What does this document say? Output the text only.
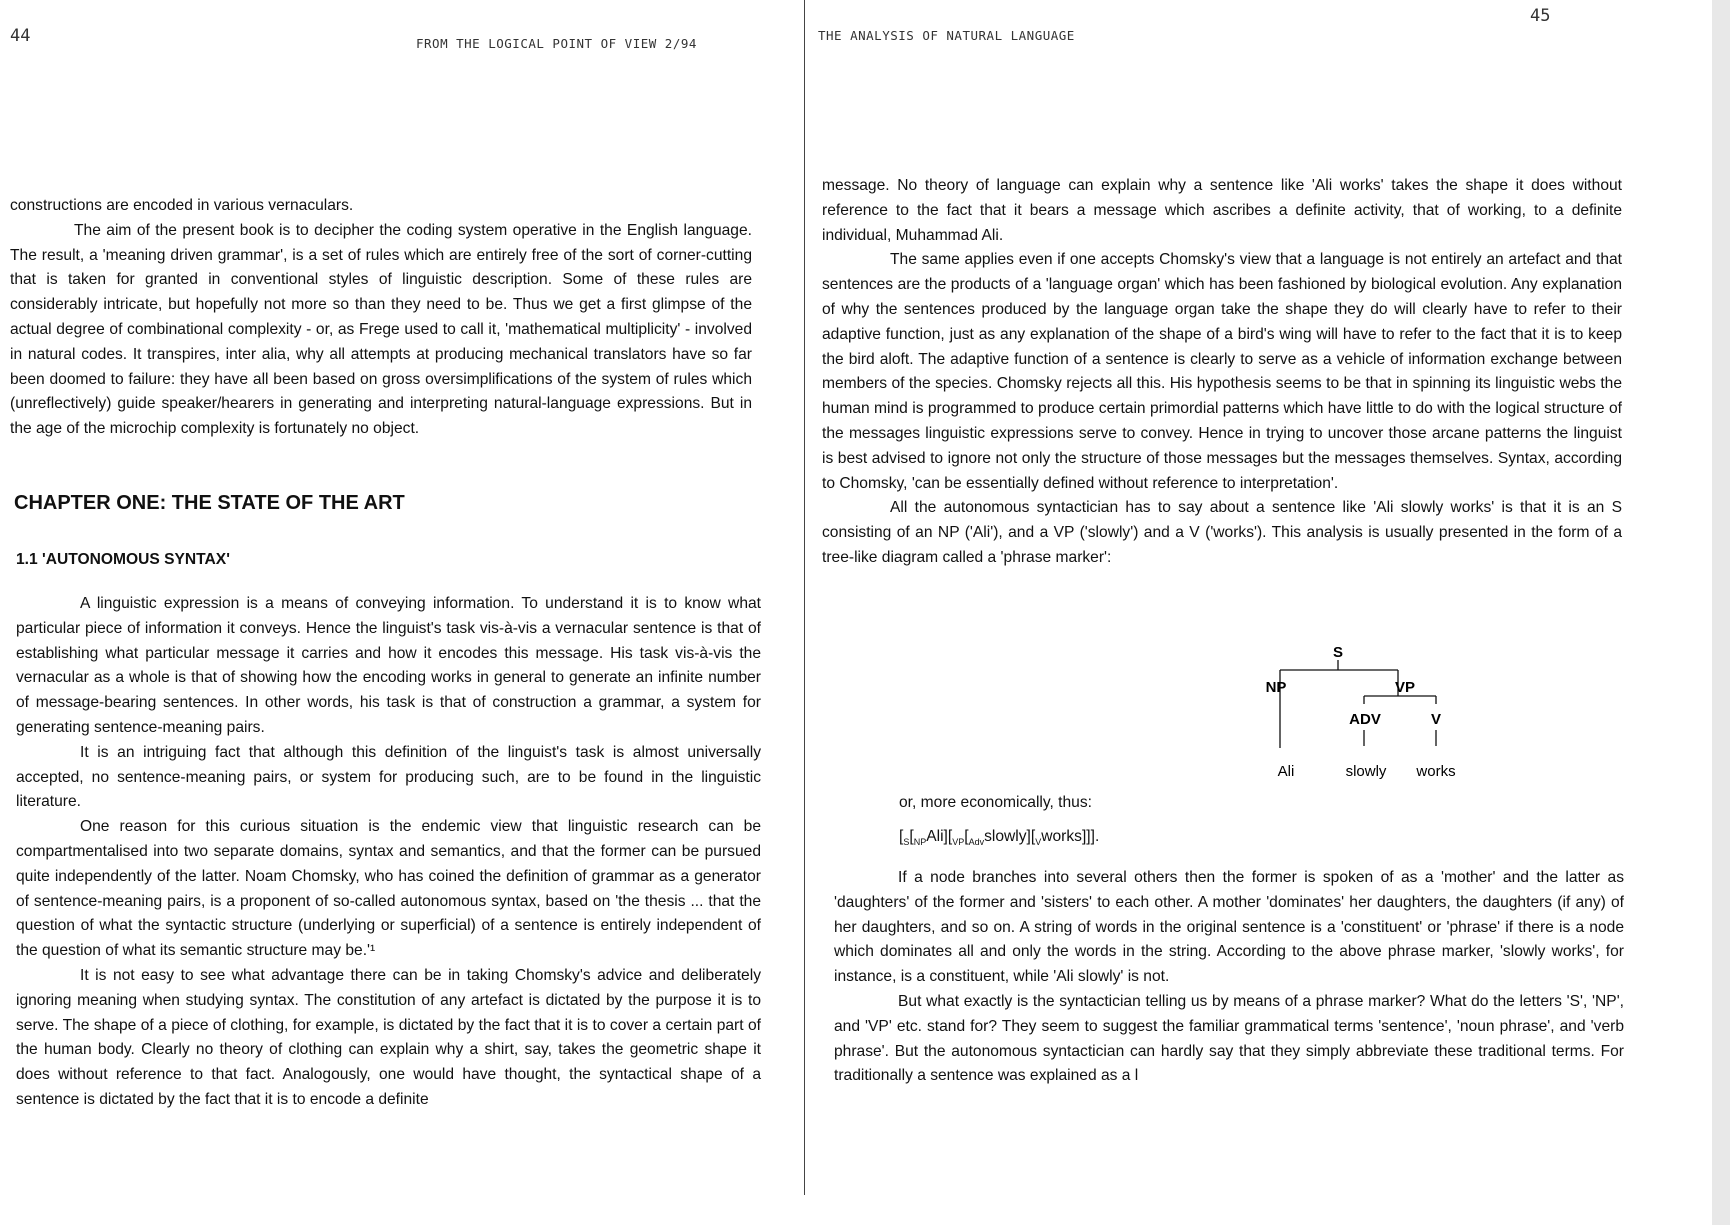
44	FROM THE LOGICAL POINT OF VIEW 2/94

constructions are encoded in various vernaculars.

The aim of the present book is to decipher the coding system operative in the English language. The result, a 'meaning driven grammar', is a set of rules which are entirely free of the sort of corner-cutting that is taken for granted in conventional styles of linguistic description. Some of these rules are considerably intricate, but hopefully not more so than they need to be. Thus we get a first glimpse of the actual degree of combinational complexity - or, as Frege used to call it, 'mathematical multiplicity' - involved in natural codes. It transpires, inter alia, why all attempts at producing mechanical translators have so far been doomed to failure: they have all been based on gross oversimplifications of the system of rules which (unreflectively) guide speaker/hearers in generating and interpreting natural-language expressions. But in the age of the microchip complexity is fortunately no object.

CHAPTER ONE: THE STATE OF THE ART
1.1 'AUTONOMOUS SYNTAX'

A linguistic expression is a means of conveying information. To understand it is to know what particular piece of information it conveys. Hence the linguist's task vis-à-vis a vernacular sentence is that of establishing what particular message it carries and how it encodes this message. His task vis-à-vis the vernacular as a whole is that of showing how the encoding works in general to generate an infinite number of message-bearing sentences. In other words, his task is that of construction a grammar, a system for generating sentence-meaning pairs.

It is an intriguing fact that although this definition of the linguist's task is almost universally accepted, no sentence-meaning pairs, or system for producing such, are to be found in the linguistic literature.

One reason for this curious situation is the endemic view that linguistic research can be compartmentalised into two separate domains, syntax and semantics, and that the former can be pursued quite independently of the latter. Noam Chomsky, who has coined the definition of grammar as a generator of sentence-meaning pairs, is a proponent of so-called autonomous syntax, based on 'the thesis ... that the question of what the syntactic structure (underlying or superficial) of a sentence is entirely independent of the question of what its semantic structure may be.'¹

It is not easy to see what advantage there can be in taking Chomsky's advice and deliberately ignoring meaning when studying syntax. The constitution of any artefact is dictated by the purpose it is to serve. The shape of a piece of clothing, for example, is dictated by the fact that it is to cover a certain part of the human body. Clearly no theory of clothing can explain why a shirt, say, takes the geometric shape it does without reference to that fact. Analogously, one would have thought, the syntactical shape of a sentence is dictated by the fact that it is to encode a definite

45
THE ANALYSIS OF NATURAL LANGUAGE

message. No theory of language can explain why a sentence like 'Ali works' takes the shape it does without reference to the fact that it bears a message which ascribes a definite activity, that of working, to a definite individual, Muhammad Ali.

The same applies even if one accepts Chomsky's view that a language is not entirely an artefact and that sentences are the products of a 'language organ' which has been fashioned by biological evolution. Any explanation of why the sentences produced by the language organ take the shape they do will clearly have to refer to their adaptive function, just as any explanation of the shape of a bird's wing will have to refer to the fact that it is to keep the bird aloft. The adaptive function of a sentence is clearly to serve as a vehicle of information exchange between members of the species. Chomsky rejects all this. His hypothesis seems to be that in spinning its linguistic webs the human mind is programmed to produce certain primordial patterns which have little to do with the logical structure of the messages linguistic expressions serve to convey. Hence in trying to uncover those arcane patterns the linguist is best advised to ignore not only the structure of those messages but the messages themselves. Syntax, according to Chomsky, 'can be essentially defined without reference to interpretation'.

All the autonomous syntactician has to say about a sentence like 'Ali slowly works' is that it is an S consisting of an NP ('Ali'), and a VP ('slowly') and a V ('works'). This analysis is usually presented in the form of a tree-like diagram called a 'phrase marker':

or, more economically, thus:
$[_S[_{NP}Ali][_{VP}[_{Adv}slowly][_Vworks]]]$.

If a node branches into several others then the former is spoken of as a 'mother' and the latter as 'daughters' of the former and 'sisters' to each other. A mother 'dominates' her daughters, the daughters (if any) of her daughters, and so on. A string of words in the original sentence is a 'constituent' or 'phrase' if there is a node which dominates all and only the words in the string. According to the above phrase marker, 'slowly works', for instance, is a constituent, while 'Ali slowly' is not.

But what exactly is the syntactician telling us by means of a phrase marker? What do the letters 'S', 'NP', and 'VP' etc. stand for? They seem to suggest the familiar grammatical terms 'sentence', 'noun phrase', and 'verb phrase'. But the autonomous syntactician can hardly say that they simply abbreviate these traditional terms. For traditionally a sentence was explained as a l

S
NP	VP
ADV	V
Ali	slowly works
